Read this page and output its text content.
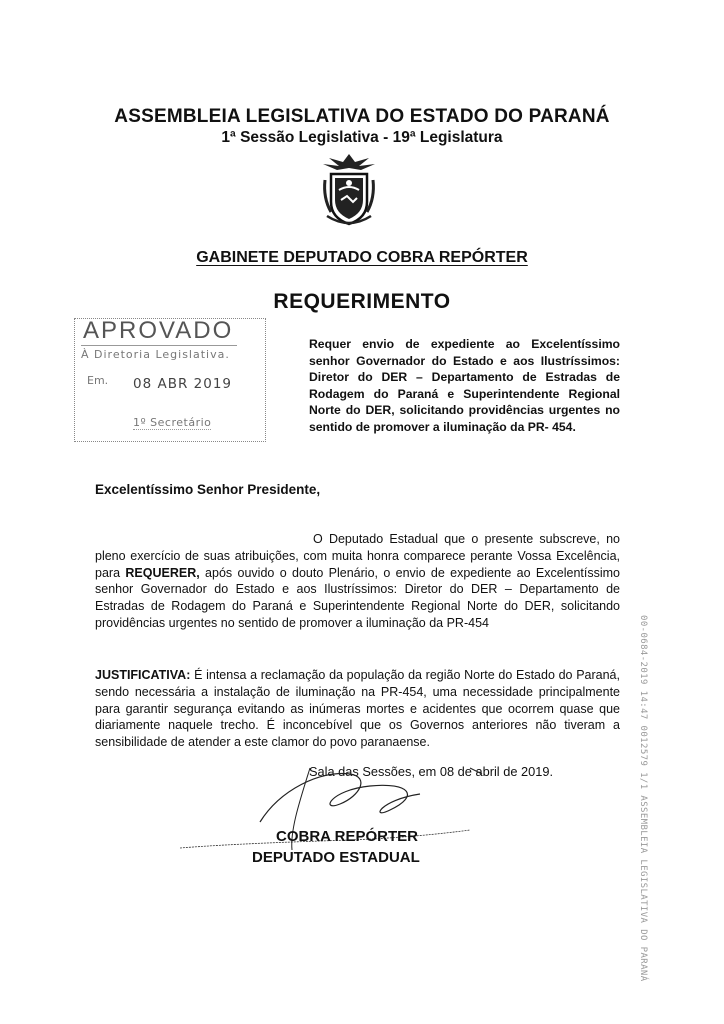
ASSEMBLEIA LEGISLATIVA DO ESTADO DO PARANÁ
1ª Sessão Legislativa - 19ª Legislatura
GABINETE DEPUTADO COBRA REPÓRTER
REQUERIMENTO
APROVADO
À Diretoria Legislativa.
Em. 08 ABR 2019
1º Secretário
Requer envio de expediente ao Excelentíssimo senhor Governador do Estado e aos Ilustríssimos: Diretor do DER – Departamento de Estradas de Rodagem do Paraná e Superintendente Regional Norte do DER, solicitando providências urgentes no sentido de promover a iluminação da PR- 454.
Excelentíssimo Senhor Presidente,
O Deputado Estadual que o presente subscreve, no pleno exercício de suas atribuições, com muita honra comparece perante Vossa Excelência, para REQUERER, após ouvido o douto Plenário, o envio de expediente ao Excelentíssimo senhor Governador do Estado e aos Ilustríssimos: Diretor do DER – Departamento de Estradas de Rodagem do Paraná e Superintendente Regional Norte do DER, solicitando providências urgentes no sentido de promover a iluminação da PR-454
JUSTIFICATIVA: É intensa a reclamação da população da região Norte do Estado do Paraná, sendo necessária a instalação de iluminação na PR-454, uma necessidade principalmente para garantir segurança evitando as inúmeras mortes e acidentes que ocorrem quase que diariamente naquele trecho. É inconcebível que os Governos anteriores não tiveram a sensibilidade de atender a este clamor do povo paranaense.
Sala das Sessões, em 08 de abril de 2019.
COBRA REPÓRTER
DEPUTADO ESTADUAL	00-0684-2019 14:47 0012579 1/1 ASSEMBLEIA LEGISLATIVA DO PARANÁ
